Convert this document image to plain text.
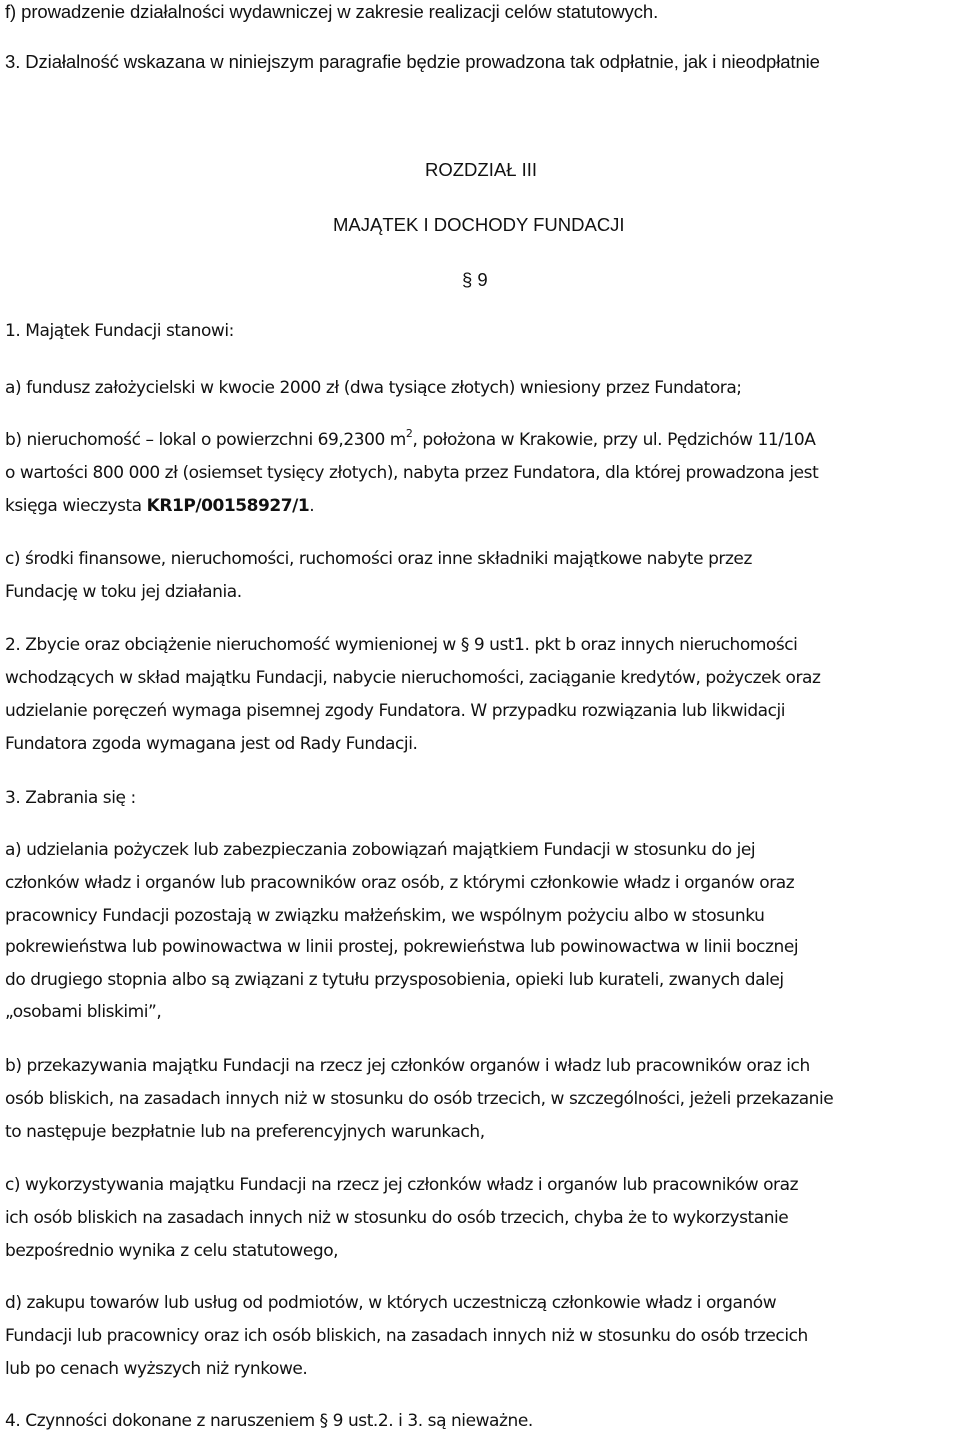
f) prowadzenie działalności wydawniczej w zakresie realizacji celów statutowych.
3. Działalność wskazana w niniejszym paragrafie będzie prowadzona tak odpłatnie, jak i nieodpłatnie
ROZDZIAŁ III
MAJĄTEK I DOCHODY FUNDACJI
§ 9
1. Majątek Fundacji stanowi:
a) fundusz założycielski w kwocie 2000 zł (dwa tysiące złotych) wniesiony przez Fundatora;
b) nieruchomość – lokal o powierzchni 69,2300 $m^2$, położona w Krakowie, przy ul. Pędzichów 11/10A
o wartości 800 000 zł (osiemset tysięcy złotych), nabyta przez Fundatora, dla której prowadzona jest
księga wieczysta KR1P/00158927/1.
c) środki finansowe, nieruchomości, ruchomości oraz inne składniki majątkowe nabyte przez
Fundację w toku jej działania.
2. Zbycie oraz obciążenie nieruchomość wymienionej w § 9 ust1. pkt b oraz innych nieruchomości
wchodzących w skład majątku Fundacji, nabycie nieruchomości, zaciąganie kredytów, pożyczek oraz
udzielanie poręczeń wymaga pisemnej zgody Fundatora. W przypadku rozwiązania lub likwidacji
Fundatora zgoda wymagana jest od Rady Fundacji.
3. Zabrania się :
a) udzielania pożyczek lub zabezpieczania zobowiązań majątkiem Fundacji w stosunku do jej
członków władz i organów lub pracowników oraz osób, z którymi członkowie władz i organów oraz
pracownicy Fundacji pozostają w związku małżeńskim, we wspólnym pożyciu albo w stosunku
pokrewieństwa lub powinowactwa w linii prostej, pokrewieństwa lub powinowactwa w linii bocznej
do drugiego stopnia albo są związani z tytułu przysposobienia, opieki lub kurateli, zwanych dalej
„osobami bliskimi”,
b) przekazywania majątku Fundacji na rzecz jej członków organów i władz lub pracowników oraz ich
osób bliskich, na zasadach innych niż w stosunku do osób trzecich, w szczególności, jeżeli przekazanie
to następuje bezpłatnie lub na preferencyjnych warunkach,
c) wykorzystywania majątku Fundacji na rzecz jej członków władz i organów lub pracowników oraz
ich osób bliskich na zasadach innych niż w stosunku do osób trzecich, chyba że to wykorzystanie
bezpośrednio wynika z celu statutowego,
d) zakupu towarów lub usług od podmiotów, w których uczestniczą członkowie władz i organów
Fundacji lub pracownicy oraz ich osób bliskich, na zasadach innych niż w stosunku do osób trzecich
lub po cenach wyższych niż rynkowe.
4. Czynności dokonane z naruszeniem § 9 ust.2. i 3. są nieważne.
